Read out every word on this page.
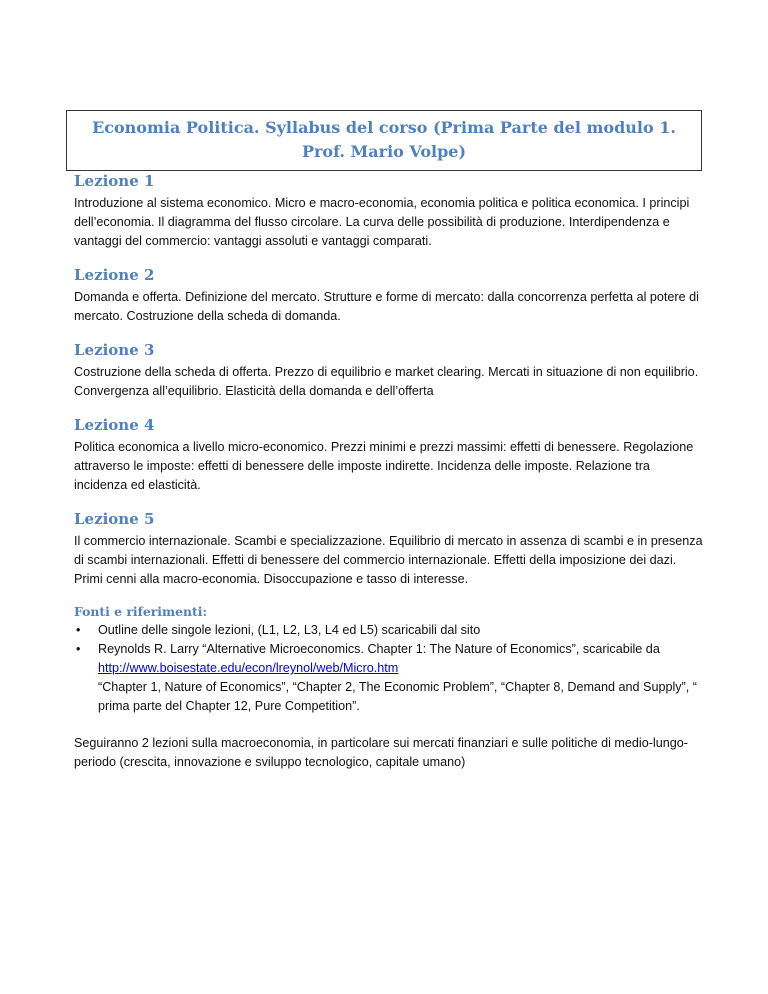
Economia Politica. Syllabus del corso (Prima Parte del modulo 1. Prof. Mario Volpe)
Lezione 1

Introduzione al sistema economico. Micro e macro-economia, economia politica e politica economica. I principi dell’economia. Il diagramma del flusso circolare. La curva delle possibilità di produzione. Interdipendenza e vantaggi del commercio: vantaggi assoluti e vantaggi comparati.

Lezione 2

Domanda e offerta. Definizione del mercato. Strutture e forme di mercato: dalla concorrenza perfetta al potere di mercato. Costruzione della scheda di domanda.

Lezione 3

Costruzione della scheda di offerta. Prezzo di equilibrio e market clearing. Mercati in situazione di non equilibrio. Convergenza all’equilibrio. Elasticità della domanda e dell’offerta

Lezione 4

Politica economica a livello micro-economico. Prezzi minimi e prezzi massimi: effetti di benessere. Regolazione attraverso le imposte: effetti di benessere delle imposte indirette. Incidenza delle imposte. Relazione tra incidenza ed elasticità.

Lezione 5

Il commercio internazionale. Scambi e specializzazione. Equilibrio di mercato in assenza di scambi e in presenza di scambi internazionali. Effetti di benessere del commercio internazionale. Effetti della imposizione dei dazi. Primi cenni alla macro-economia. Disoccupazione e tasso di interesse.

Fonti e riferimenti:
• Outline delle singole lezioni, (L1, L2, L3, L4 ed L5) scaricabili dal sito
• Reynolds R. Larry “Alternative Microeconomics. Chapter 1: The Nature of Economics”, scaricabile da http://www.boisestate.edu/econ/lreynol/web/Micro.htm
“Chapter 1, Nature of Economics”, “Chapter 2, The Economic Problem”, “Chapter 8, Demand and Supply”, “ prima parte del Chapter 12, Pure Competition”.

Seguiranno 2 lezioni sulla macroeconomia, in particolare sui mercati finanziari e sulle politiche di medio-lungo-periodo (crescita, innovazione e sviluppo tecnologico, capitale umano)
